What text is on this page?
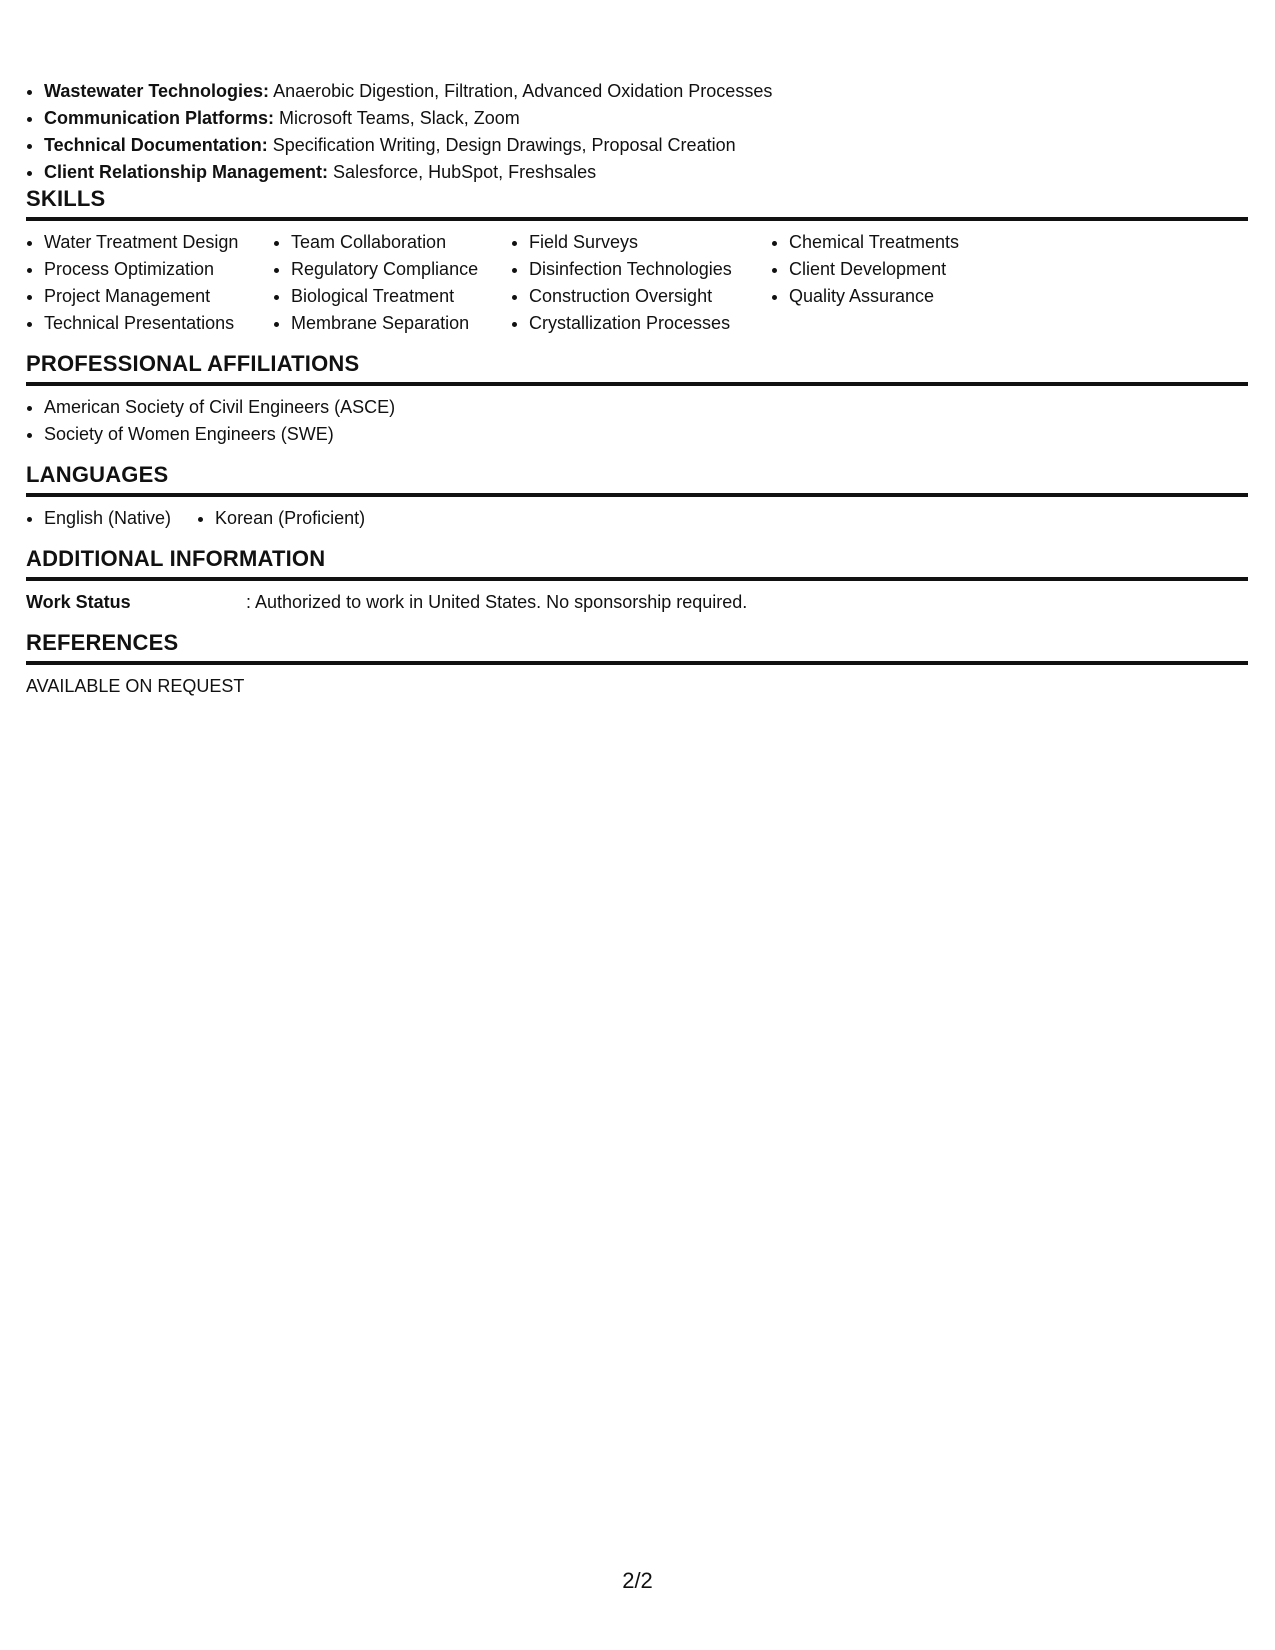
• Wastewater Technologies: Anaerobic Digestion, Filtration, Advanced Oxidation Processes
• Communication Platforms: Microsoft Teams, Slack, Zoom
• Technical Documentation: Specification Writing, Design Drawings, Proposal Creation
• Client Relationship Management: Salesforce, HubSpot, Freshsales
SKILLS
• Water Treatment Design
• Process Optimization
• Project Management
• Technical Presentations
• Team Collaboration
• Regulatory Compliance
• Biological Treatment
• Membrane Separation
• Field Surveys
• Disinfection Technologies
• Construction Oversight
• Crystallization Processes
• Chemical Treatments
• Client Development
• Quality Assurance
PROFESSIONAL AFFILIATIONS
• American Society of Civil Engineers (ASCE)
• Society of Women Engineers (SWE)
LANGUAGES
• English (Native)
• Korean (Proficient)
ADDITIONAL INFORMATION
Work Status	: Authorized to work in United States. No sponsorship required.
REFERENCES
AVAILABLE ON REQUEST
2/2
